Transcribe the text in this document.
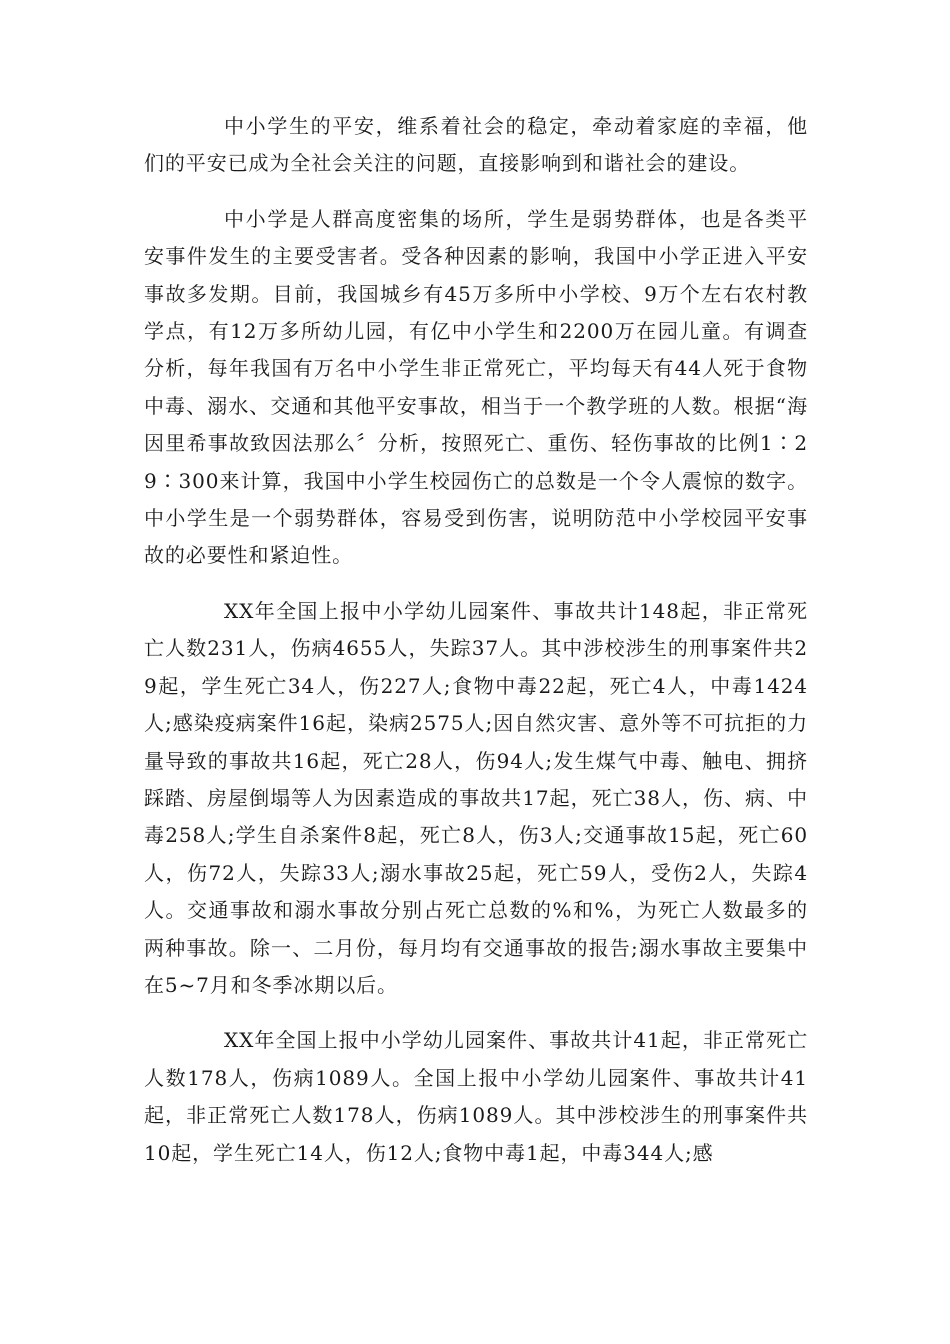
中小学生的平安，维系着社会的稳定，牵动着家庭的幸福，他们的平安已成为全社会关注的问题，直接影响到和谐社会的建设。

中小学是人群高度密集的场所，学生是弱势群体，也是各类平安事件发生的主要受害者。受各种因素的影响，我国中小学正进入平安事故多发期。目前，我国城乡有45万多所中小学校、9万个左右农村教学点，有12万多所幼儿园，有亿中小学生和2200万在园儿童。有调查分析，每年我国有万名中小学生非正常死亡，平均每天有44人死于食物中毒、溺水、交通和其他平安事故，相当于一个教学班的人数。根据“海因里希事故致因法那么〞分析，按照死亡、重伤、轻伤事故的比例1∶29∶300来计算，我国中小学生校园伤亡的总数是一个令人震惊的数字。中小学生是一个弱势群体，容易受到伤害，说明防范中小学校园平安事故的必要性和紧迫性。

XX年全国上报中小学幼儿园案件、事故共计148起，非正常死亡人数231人，伤病4655人，失踪37人。其中涉校涉生的刑事案件共29起，学生死亡34人，伤227人;食物中毒22起，死亡4人，中毒1424人;感染疫病案件16起，染病2575人;因自然灾害、意外等不可抗拒的力量导致的事故共16起，死亡28人，伤94人;发生煤气中毒、触电、拥挤踩踏、房屋倒塌等人为因素造成的事故共17起，死亡38人，伤、病、中毒258人;学生自杀案件8起，死亡8人，伤3人;交通事故15起，死亡60人，伤72人，失踪33人;溺水事故25起，死亡59人，受伤2人，失踪4人。交通事故和溺水事故分别占死亡总数的%和%，为死亡人数最多的两种事故。除一、二月份，每月均有交通事故的报告;溺水事故主要集中在5~7月和冬季冰期以后。

XX年全国上报中小学幼儿园案件、事故共计41起，非正常死亡人数178人，伤病1089人。全国上报中小学幼儿园案件、事故共计41起，非正常死亡人数178人，伤病1089人。其中涉校涉生的刑事案件共10起，学生死亡14人，伤12人;食物中毒1起，中毒344人;感
